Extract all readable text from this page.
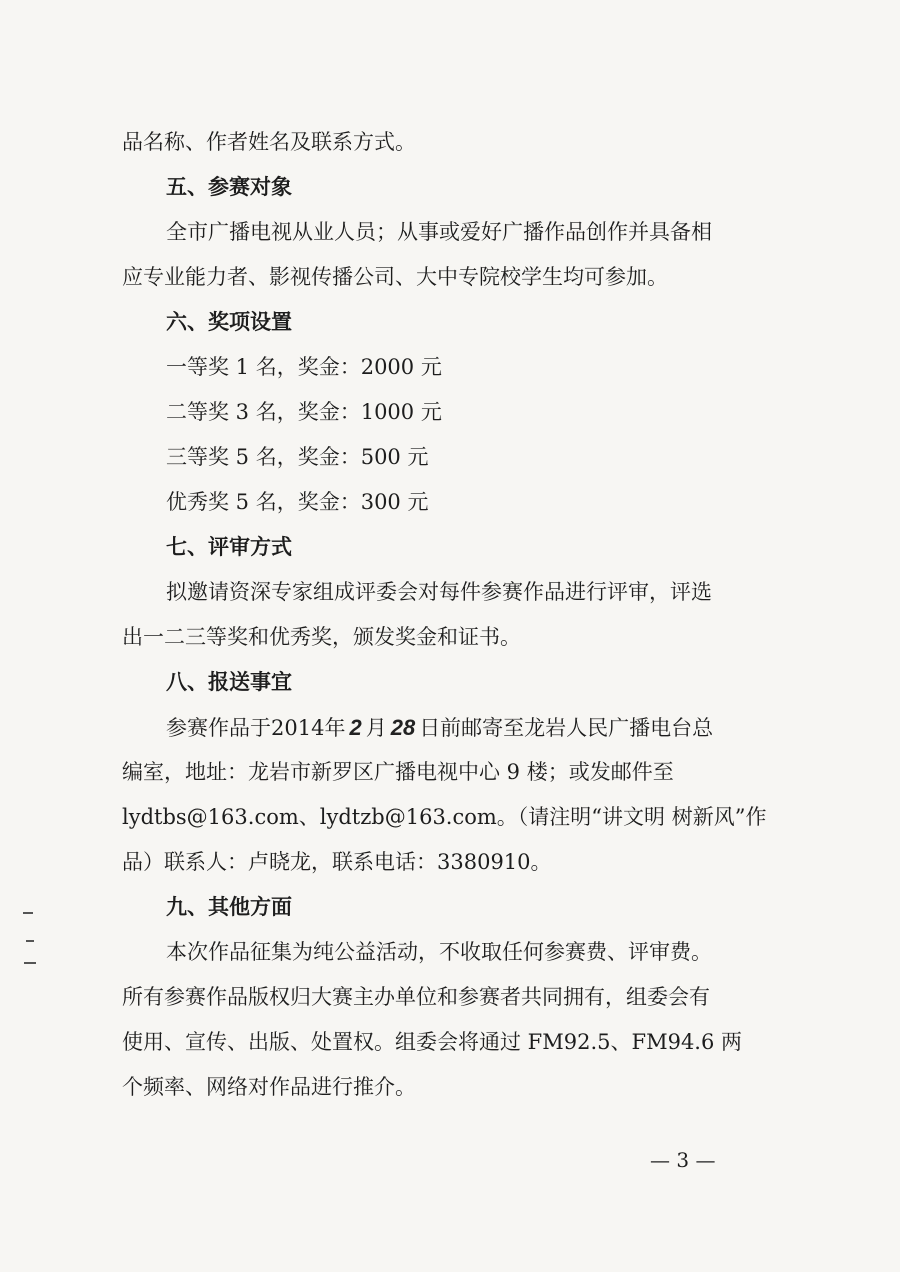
品名称、作者姓名及联系方式。
五、参赛对象
全市广播电视从业人员；从事或爱好广播作品创作并具备相
应专业能力者、影视传播公司、大中专院校学生均可参加。
六、奖项设置
一等奖 1 名，奖金：2000 元
二等奖 3 名，奖金：1000 元
三等奖 5 名，奖金：500 元
优秀奖 5 名，奖金：300 元
七、评审方式
拟邀请资深专家组成评委会对每件参赛作品进行评审，评选
出一二三等奖和优秀奖，颁发奖金和证书。
八、报送事宜
参赛作品于2014年 2 月 28 日前邮寄至龙岩人民广播电台总
编室，地址：龙岩市新罗区广播电视中心 9 楼；或发邮件至
lydtbs@163.com、lydtzb@163.com。（请注明“讲文明 树新风”作
品）联系人：卢晓龙，联系电话：3380910。
九、其他方面
本次作品征集为纯公益活动，不收取任何参赛费、评审费。
所有参赛作品版权归大赛主办单位和参赛者共同拥有，组委会有
使用、宣传、出版、处置权。组委会将通过 FM92.5、FM94.6 两
个频率、网络对作品进行推介。
— 3 —
